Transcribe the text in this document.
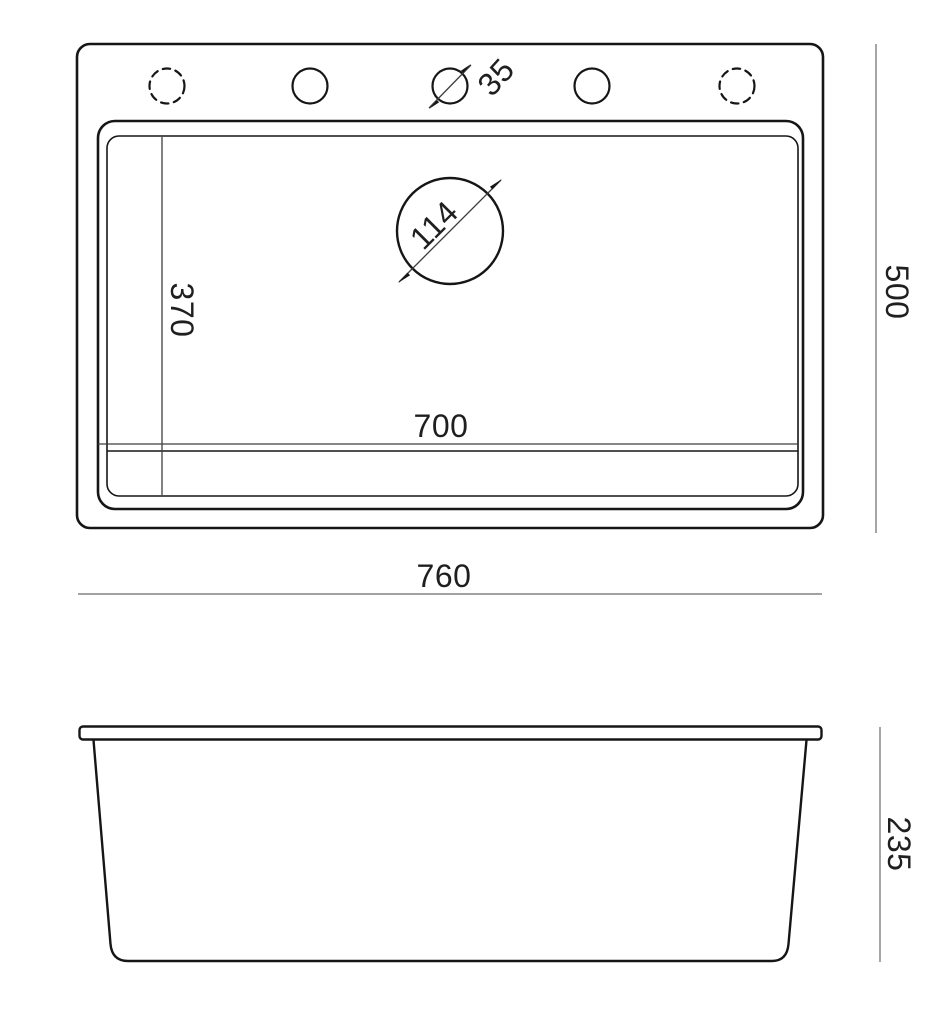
35
114
370
700
500
760
235
